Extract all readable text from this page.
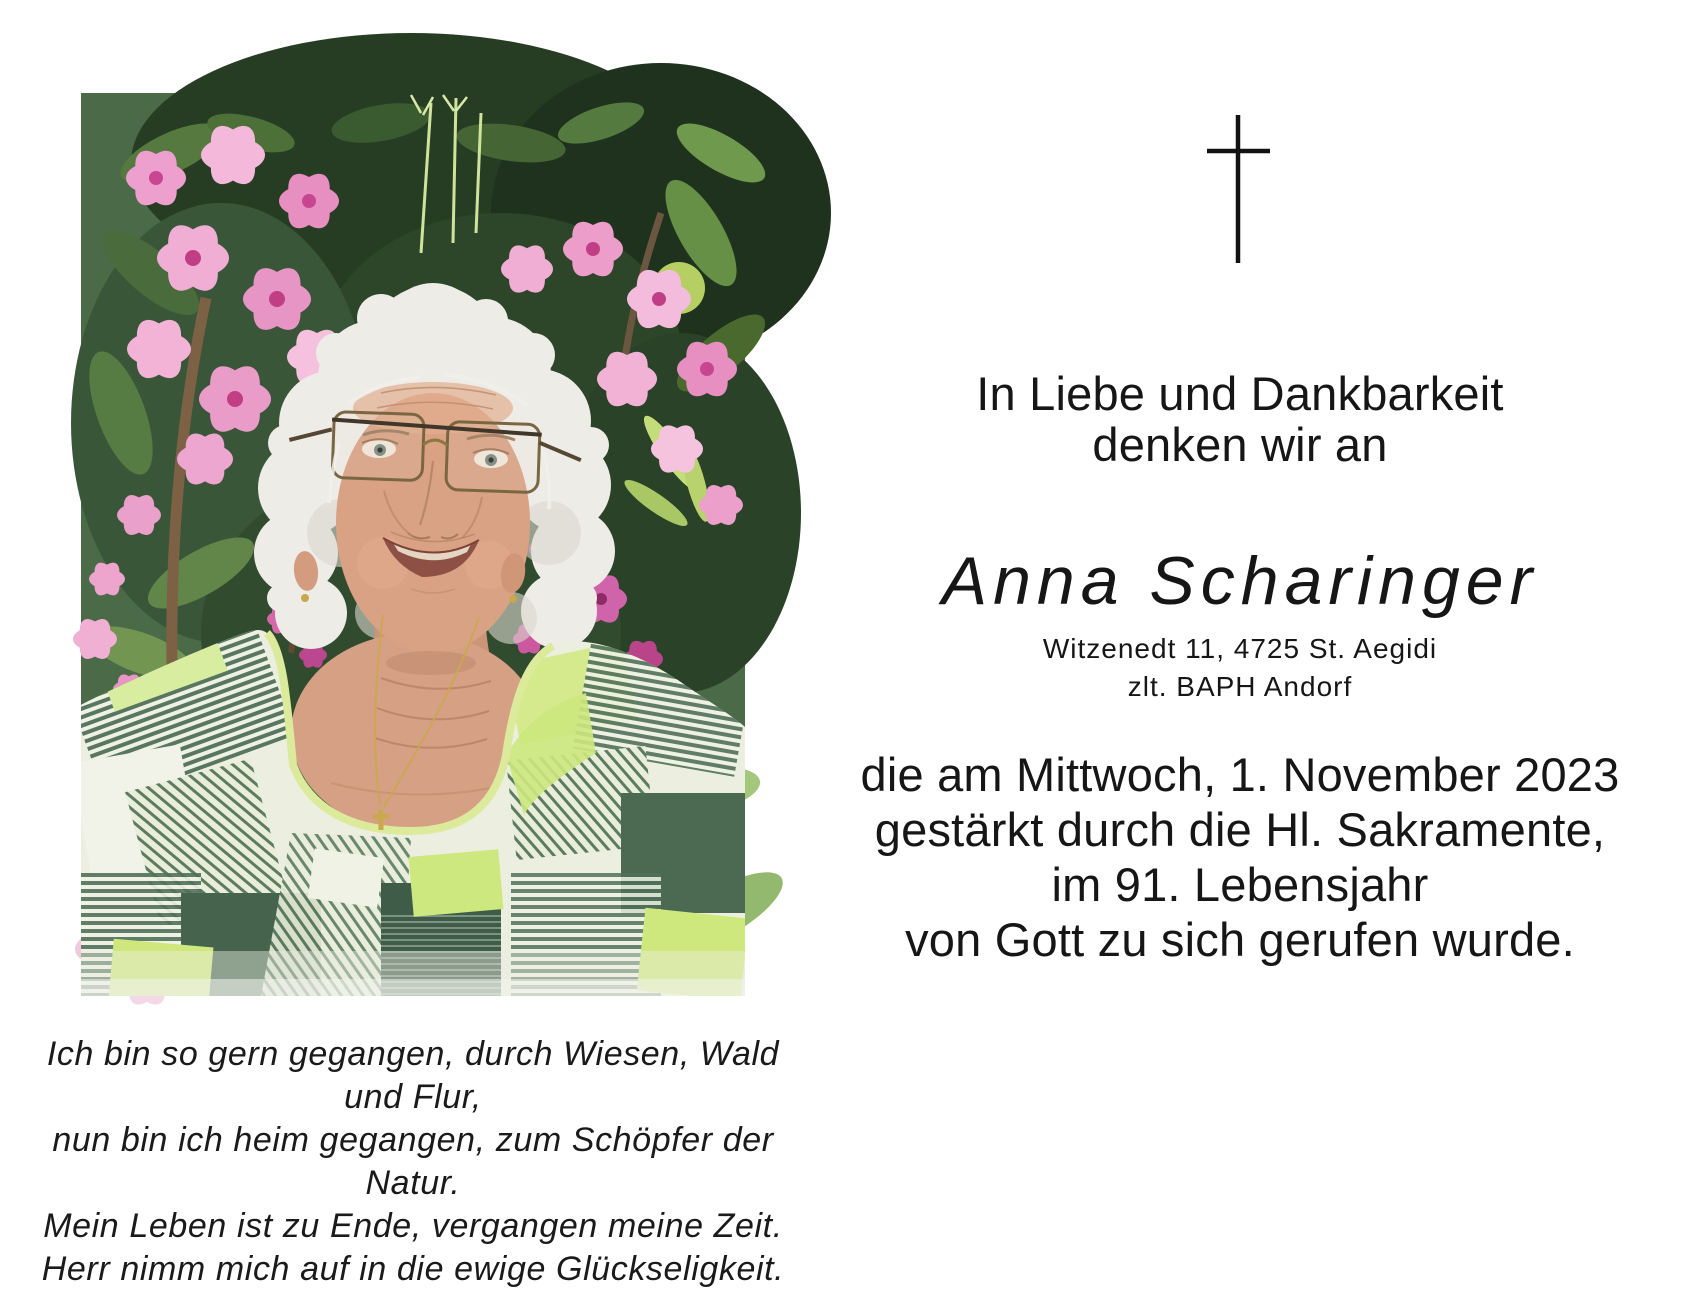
In Liebe und Dankbarkeit
denken wir an
Anna Scharinger
Witzenedt 11, 4725 St. Aegidi
zlt. BAPH Andorf
die am Mittwoch, 1. November 2023
gestärkt durch die Hl. Sakramente,
im 91. Lebensjahr
von Gott zu sich gerufen wurde.
Ich bin so gern gegangen, durch Wiesen, Wald und Flur,
nun bin ich heim gegangen, zum Schöpfer der Natur.
Mein Leben ist zu Ende, vergangen meine Zeit.
Herr nimm mich auf in die ewige Glückseligkeit.
